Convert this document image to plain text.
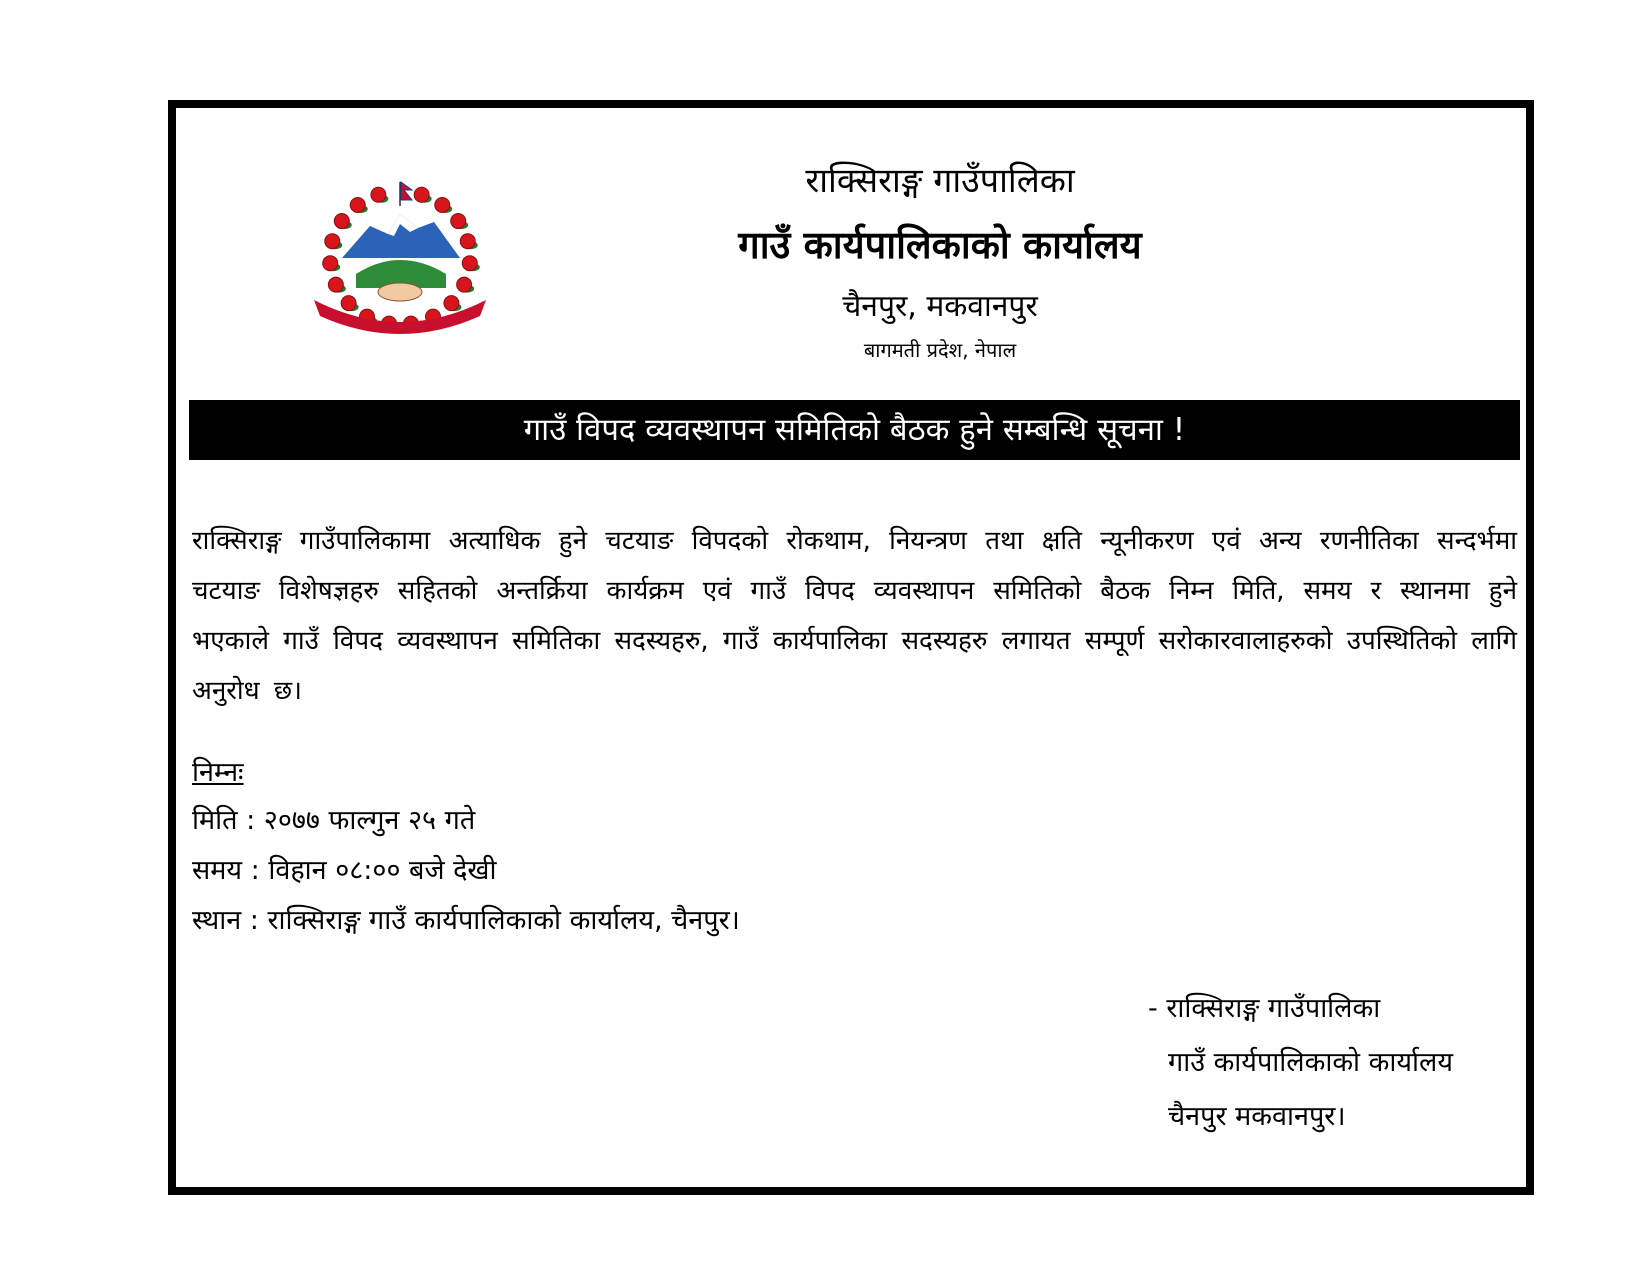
राक्सिराङ्ग गाउँपालिका
गाउँ कार्यपालिकाको कार्यालय
चैनपुर, मकवानपुर
बागमती प्रदेश, नेपाल
गाउँ विपद व्यवस्थापन समितिको बैठक हुने सम्बन्धि सूचना !
राक्सिराङ्ग गाउँपालिकामा अत्याधिक हुने चटयाङ विपदको रोकथाम, नियन्त्रण तथा क्षति न्यूनीकरण एवं अन्य रणनीतिका सन्दर्भमा चटयाङ विशेषज्ञहरु सहितको अन्तर्क्रिया कार्यक्रम एवं गाउँ विपद व्यवस्थापन समितिको बैठक निम्न मिति, समय र स्थानमा हुने भएकाले गाउँ विपद व्यवस्थापन समितिका सदस्यहरु, गाउँ कार्यपालिका सदस्यहरु लगायत सम्पूर्ण सरोकारवालाहरुको उपस्थितिको लागि अनुरोध छ।
निम्नः
मिति : २०७७ फाल्गुन २५ गते
समय : विहान ०८:०० बजे देखी
स्थान : राक्सिराङ्ग गाउँ कार्यपालिकाको कार्यालय, चैनपुर।
- राक्सिराङ्ग गाउँपालिका
गाउँ कार्यपालिकाको कार्यालय
चैनपुर मकवानपुर।
